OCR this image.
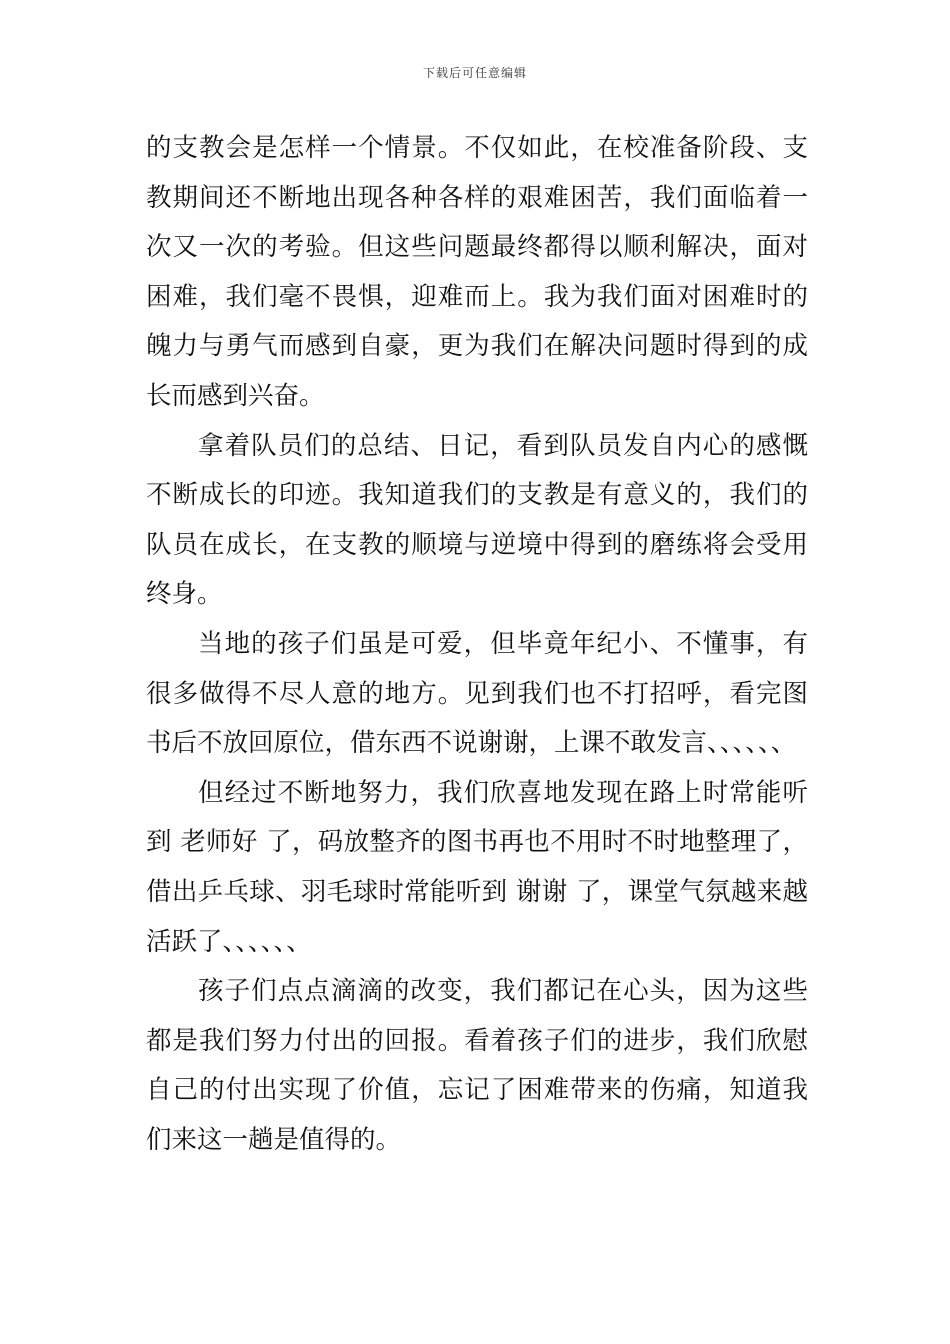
下载后可任意编辑

的支教会是怎样一个情景。不仅如此，在校准备阶段、支教期间还不断地出现各种各样的艰难困苦，我们面临着一次又一次的考验。但这些问题最终都得以顺利解决，面对困难，我们毫不畏惧，迎难而上。我为我们面对困难时的魄力与勇气而感到自豪，更为我们在解决问题时得到的成长而感到兴奋。

拿着队员们的总结、日记，看到队员发自内心的感慨不断成长的印迹。我知道我们的支教是有意义的，我们的队员在成长，在支教的顺境与逆境中得到的磨练将会受用终身。

当地的孩子们虽是可爱，但毕竟年纪小、不懂事，有很多做得不尽人意的地方。见到我们也不打招呼，看完图书后不放回原位，借东西不说谢谢，上课不敢发言、、、、、、

但经过不断地努力，我们欣喜地发现在路上时常能听到 老师好 了，码放整齐的图书再也不用时不时地整理了，借出乒乓球、羽毛球时常能听到 谢谢 了，课堂气氛越来越活跃了、、、、、、

孩子们点点滴滴的改变，我们都记在心头，因为这些都是我们努力付出的回报。看着孩子们的进步，我们欣慰自己的付出实现了价值，忘记了困难带来的伤痛，知道我们来这一趟是值得的。
